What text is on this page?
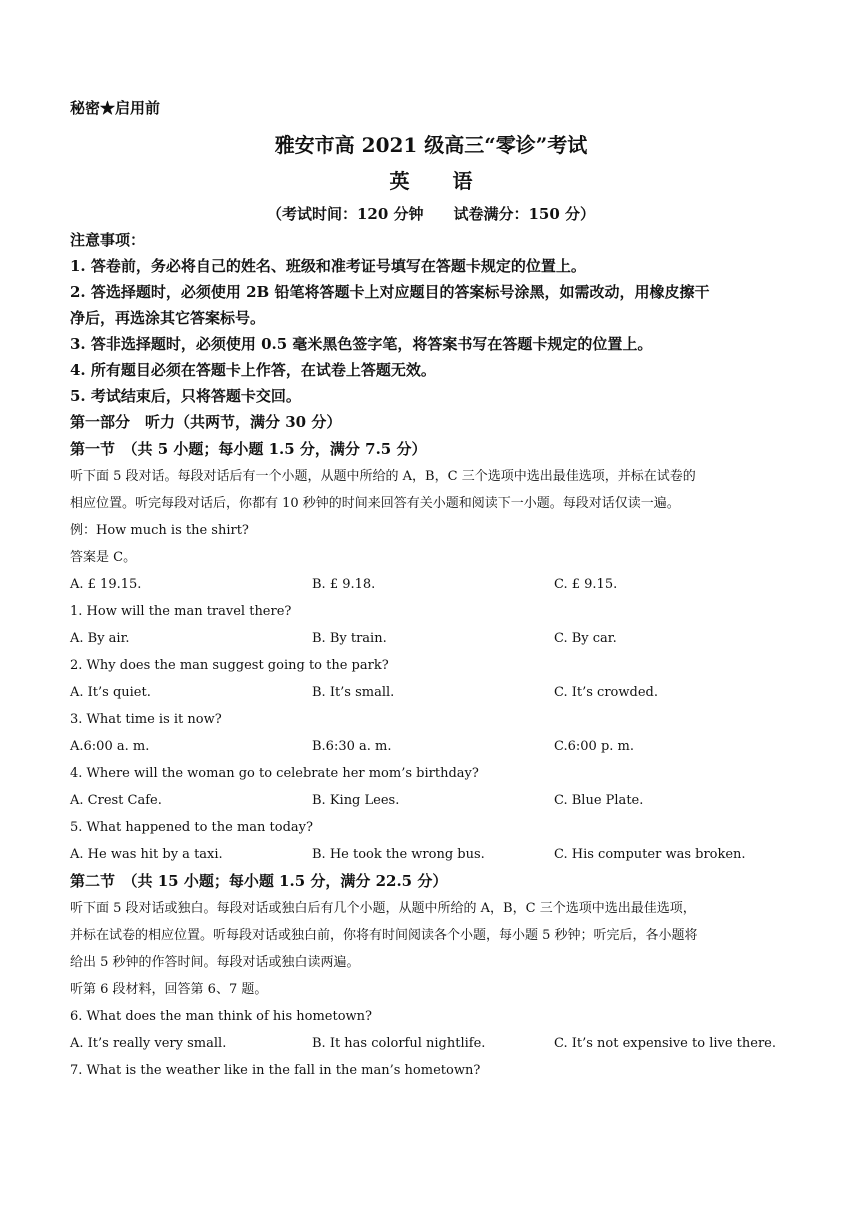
秘密★启用前
雅安市高 2021 级高三“零诊”考试
英 语
（考试时间：120 分钟　　试卷满分：150 分）
注意事项：
1. 答卷前，务必将自己的姓名、班级和准考证号填写在答题卡规定的位置上。
2. 答选择题时，必须使用 2B 铅笔将答题卡上对应题目的答案标号涂黑，如需改动，用橡皮擦干
净后，再选涂其它答案标号。
3. 答非选择题时，必须使用 0.5 毫米黑色签字笔，将答案书写在答题卡规定的位置上。
4. 所有题目必须在答题卡上作答，在试卷上答题无效。
5. 考试结束后，只将答题卡交回。
第一部分　听力（共两节，满分 30 分）
第一节　（共 5 小题；每小题 1.5 分，满分 7.5 分）
听下面 5 段对话。每段对话后有一个小题，从题中所给的 A，B，C 三个选项中选出最佳选项，并标在试卷的
相应位置。听完每段对话后，你都有 10 秒钟的时间来回答有关小题和阅读下一小题。每段对话仅读一遍。
例：How much is the shirt?
答案是 C。
A. £ 19.15.	B. £ 9.18.	C. £ 9.15.
1. How will the man travel there?
A. By air.	B. By train.	C. By car.
2. Why does the man suggest going to the park?
A. It’s quiet.	B. It’s small.	C. It’s crowded.
3. What time is it now?
A.6:00 a. m.	B.6:30 a. m.	C.6:00 p. m.
4. Where will the woman go to celebrate her mom’s birthday?
A. Crest Cafe.	B. King Lees.	C. Blue Plate.
5. What happened to the man today?
A. He was hit by a taxi.	B. He took the wrong bus.	C. His computer was broken.
第二节　（共 15 小题；每小题 1.5 分，满分 22.5 分）
听下面 5 段对话或独白。每段对话或独白后有几个小题，从题中所给的 A，B，C 三个选项中选出最佳选项，
并标在试卷的相应位置。听每段对话或独白前，你将有时间阅读各个小题，每小题 5 秒钟；听完后，各小题将
给出 5 秒钟的作答时间。每段对话或独白读两遍。
听第 6 段材料，回答第 6、7 题。
6. What does the man think of his hometown?
A. It’s really very small.	B. It has colorful nightlife.	C. It’s not expensive to live there.
7. What is the weather like in the fall in the man’s hometown?
